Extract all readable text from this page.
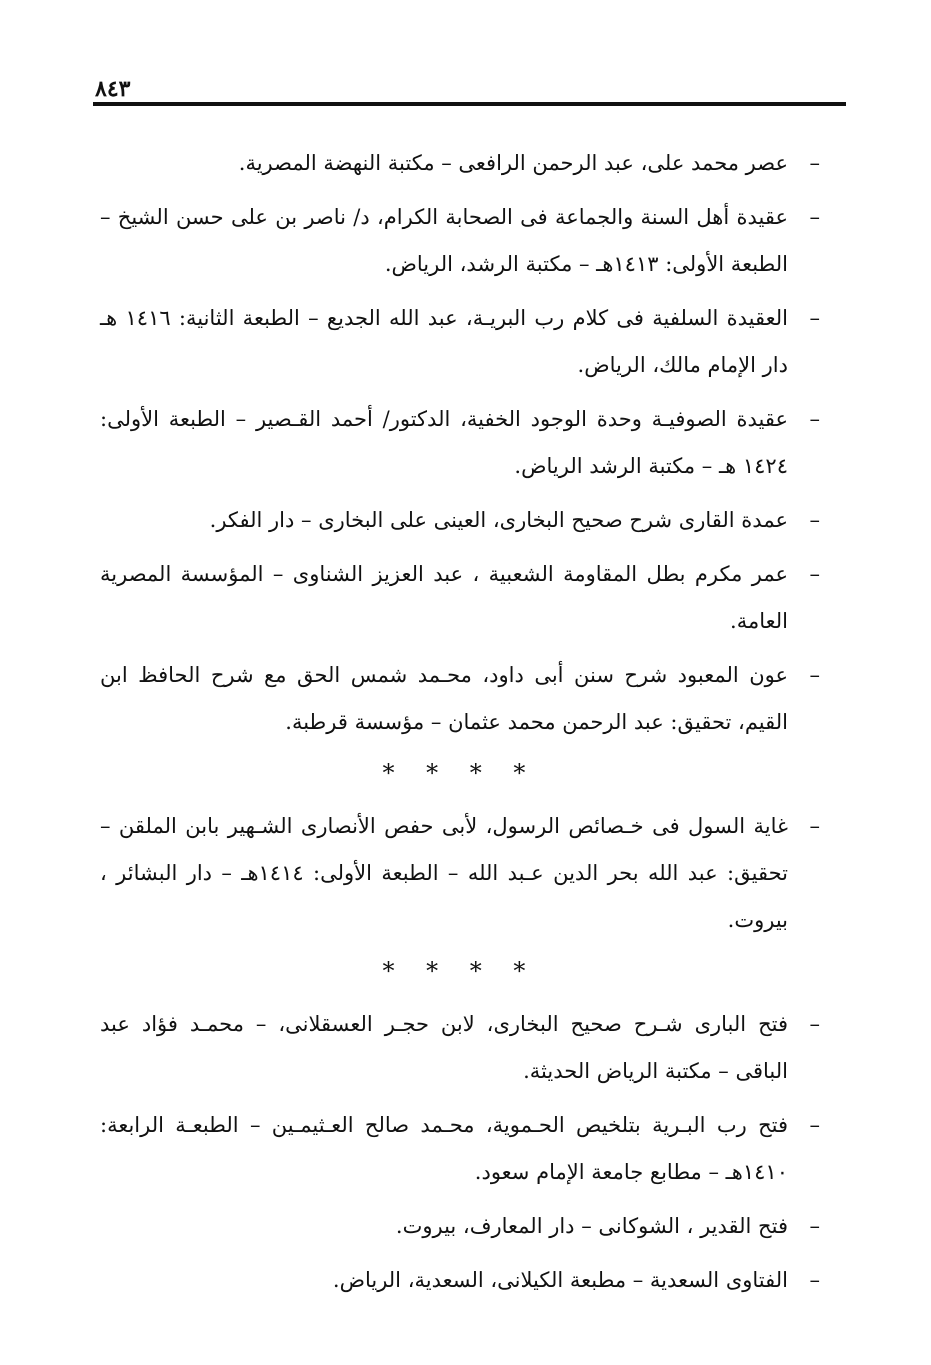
٨٤٣
–
عصر محمد على، عبد الرحمن الرافعى – مكتبة النهضة المصرية.
–
عقيدة أهل السنة والجماعة فى الصحابة الكرام، د/ ناصر بن على حسن الشيخ – الطبعة الأولى: ١٤١٣هـ – مكتبة الرشد، الرياض.
–
العقيدة السلفية فى كلام رب البريـة، عبد الله الجديع – الطبعة الثانية: ١٤١٦ هـ دار الإمام مالك، الرياض.
–
عقيدة الصوفيـة وحدة الوجود الخفية، الدكتور/ أحمد القـصير – الطبعة الأولى: ١٤٢٤ هـ – مكتبة الرشد الرياض.
–
عمدة القارى شرح صحيح البخارى، العينى على البخارى – دار الفكر.
–
عمر مكرم بطل المقاومة الشعبية ، عبد العزيز الشناوى – المؤسسة المصرية العامة.
–
عون المعبود شرح سنن أبى داود، محـمد شمس الحق مع شرح الحافظ ابن القيم، تحقيق: عبد الرحمن محمد عثمان – مؤسسة قرطبة.
* * * *
–
غاية السول فى خـصائص الرسول، لأبى حفص الأنصارى الشـهير بابن الملقن – تحقيق: عبد الله بحر الدين عـبد الله – الطبعة الأولى: ١٤١٤هـ – دار البشائر ، بيروت.
* * * *
–
فتح البارى شـرح صحيح البخارى، لابن حجـر العسقلانى، – محمـد فؤاد عبد الباقى – مكتبة الرياض الحديثة.
–
فتح رب البـرية بتلخيص الحـموية، محـمد صالح العـثيمـين – الطبعـة الرابعة: ١٤١٠هـ – مطابع جامعة الإمام سعود.
–
فتح القدير ، الشوكانى – دار المعارف، بيروت.
–
الفتاوى السعدية – مطبعة الكيلانى، السعدية، الرياض.
